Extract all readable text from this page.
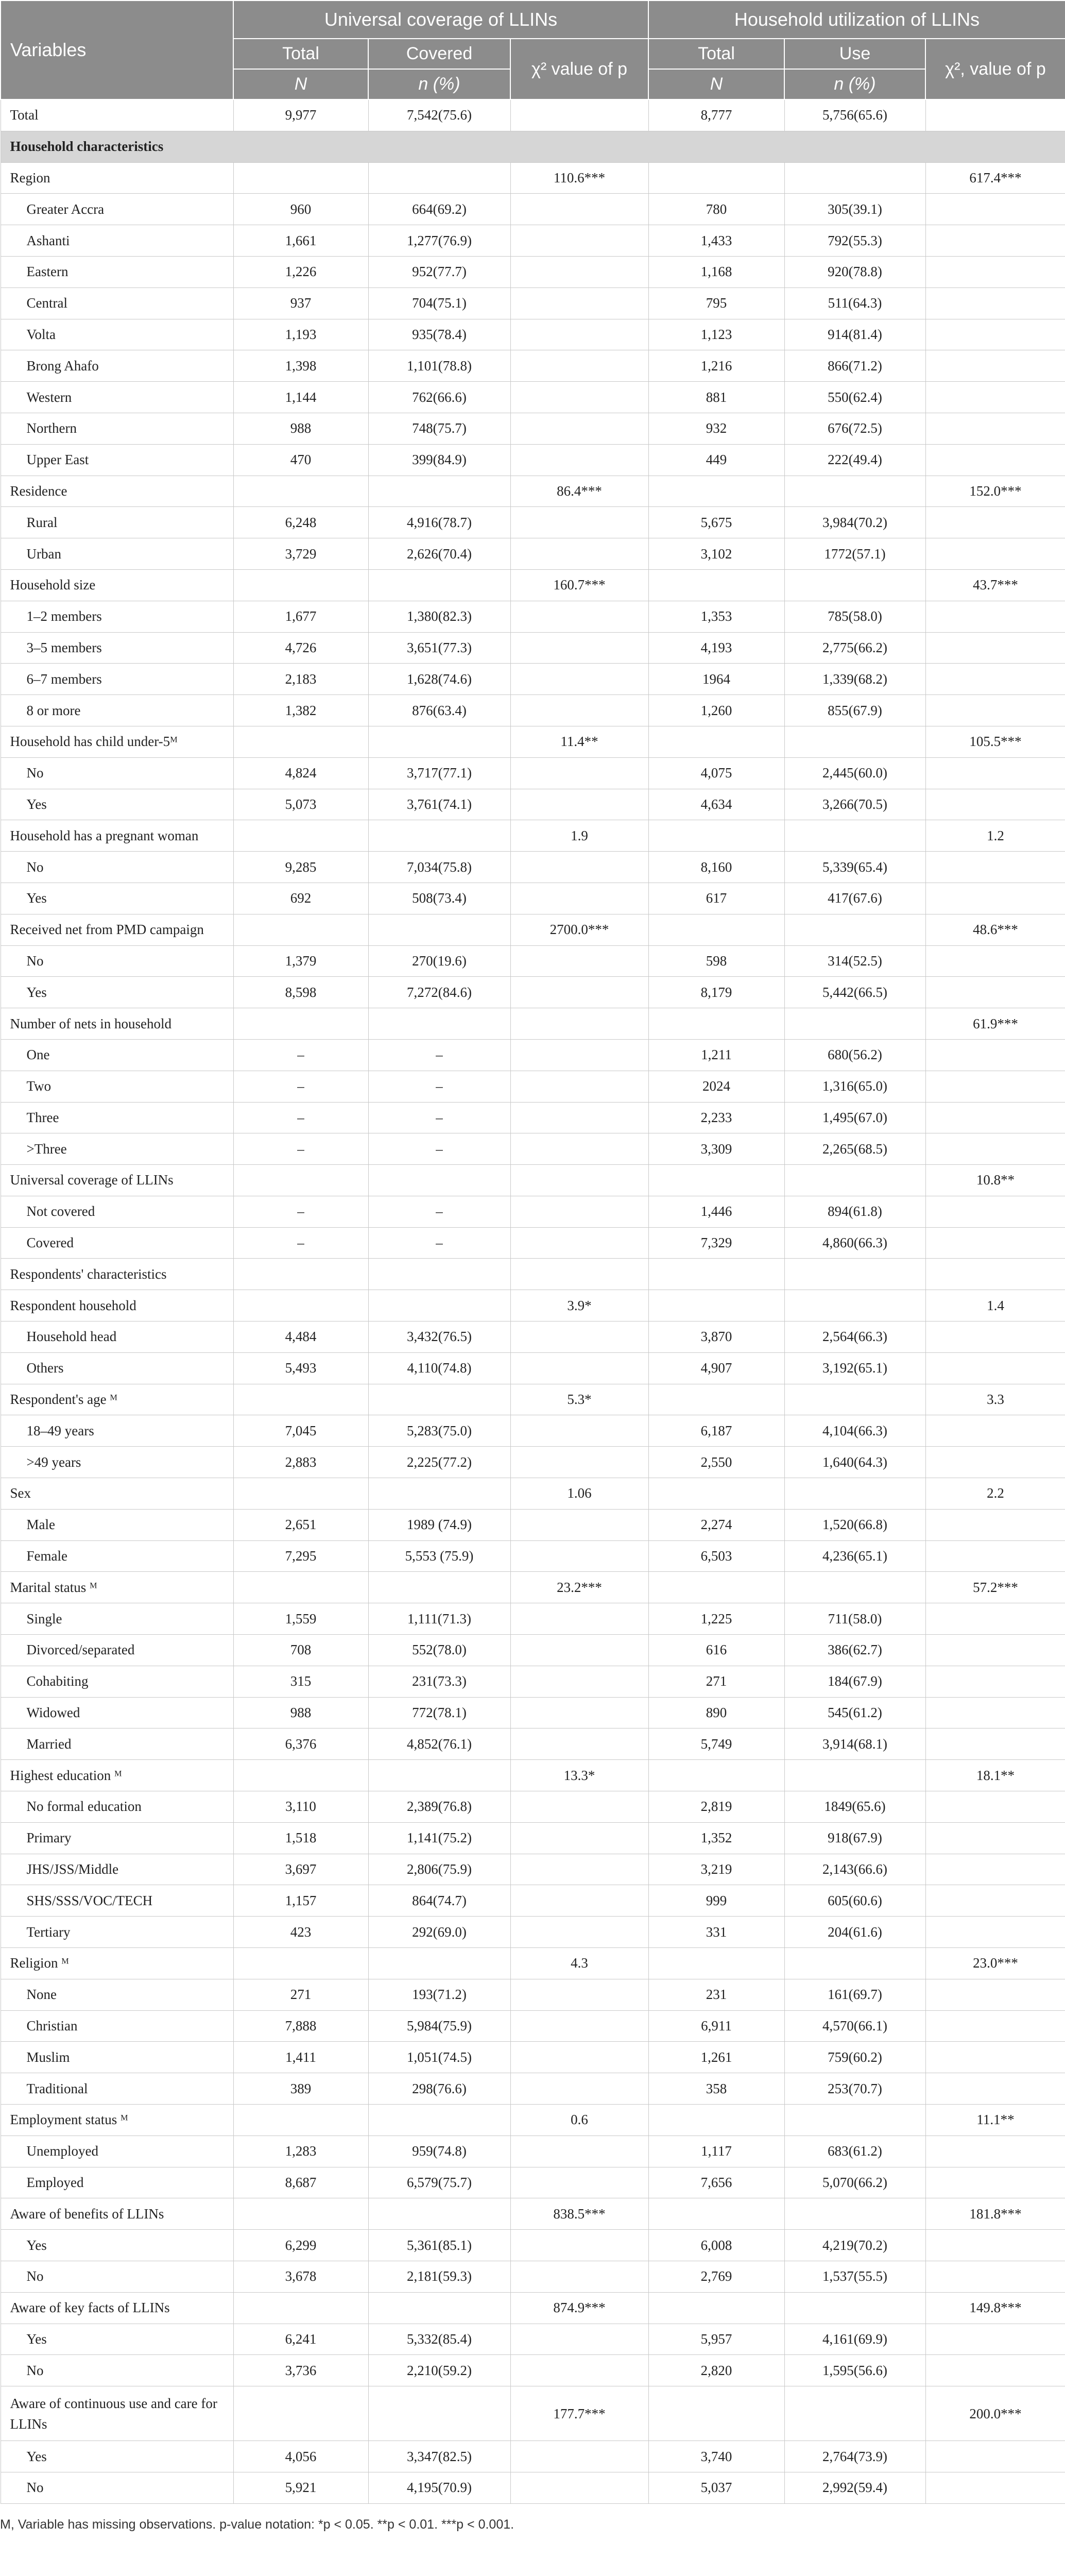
Variables	Universal coverage of LLINs			Household utilization of LLINs		
	Total	Covered	χ² value of p	Total	Use	χ², value of p
	N	n (%)		N	n (%)	
Total	9,977	7,542(75.6)		8,777	5,756(65.6)	
Household characteristics						
Region			110.6***			617.4***
Greater Accra	960	664(69.2)		780	305(39.1)	
Ashanti	1,661	1,277(76.9)		1,433	792(55.3)	
Eastern	1,226	952(77.7)		1,168	920(78.8)	
Central	937	704(75.1)		795	511(64.3)	
Volta	1,193	935(78.4)		1,123	914(81.4)	
Brong Ahafo	1,398	1,101(78.8)		1,216	866(71.2)	
Western	1,144	762(66.6)		881	550(62.4)	
Northern	988	748(75.7)		932	676(72.5)	
Upper East	470	399(84.9)		449	222(49.4)	
Residence			86.4***			152.0***
Rural	6,248	4,916(78.7)		5,675	3,984(70.2)	
Urban	3,729	2,626(70.4)		3,102	1772(57.1)	
Household size			160.7***			43.7***
1–2 members	1,677	1,380(82.3)		1,353	785(58.0)	
3–5 members	4,726	3,651(77.3)		4,193	2,775(66.2)	
6–7 members	2,183	1,628(74.6)		1964	1,339(68.2)	
8 or more	1,382	876(63.4)		1,260	855(67.9)	
Household has child under-5ᴹ			11.4**			105.5***
No	4,824	3,717(77.1)		4,075	2,445(60.0)	
Yes	5,073	3,761(74.1)		4,634	3,266(70.5)	
Household has a pregnant woman			1.9			1.2
No	9,285	7,034(75.8)		8,160	5,339(65.4)	
Yes	692	508(73.4)		617	417(67.6)	
Received net from PMD campaign			2700.0***			48.6***
No	1,379	270(19.6)		598	314(52.5)	
Yes	8,598	7,272(84.6)		8,179	5,442(66.5)	
Number of nets in household						61.9***
One	–	–		1,211	680(56.2)	
Two	–	–		2024	1,316(65.0)	
Three	–	–		2,233	1,495(67.0)	
>Three	–	–		3,309	2,265(68.5)	
Universal coverage of LLINs						10.8**
Not covered	–	–		1,446	894(61.8)	
Covered	–	–		7,329	4,860(66.3)	
Respondents' characteristics						
Respondent household			3.9*			1.4
Household head	4,484	3,432(76.5)		3,870	2,564(66.3)	
Others	5,493	4,110(74.8)		4,907	3,192(65.1)	
Respondent's age ᴹ			5.3*			3.3
18–49 years	7,045	5,283(75.0)		6,187	4,104(66.3)	
>49 years	2,883	2,225(77.2)		2,550	1,640(64.3)	
Sex			1.06			2.2
Male	2,651	1989 (74.9)		2,274	1,520(66.8)	
Female	7,295	5,553 (75.9)		6,503	4,236(65.1)	
Marital status ᴹ			23.2***			57.2***
Single	1,559	1,111(71.3)		1,225	711(58.0)	
Divorced/separated	708	552(78.0)		616	386(62.7)	
Cohabiting	315	231(73.3)		271	184(67.9)	
Widowed	988	772(78.1)		890	545(61.2)	
Married	6,376	4,852(76.1)		5,749	3,914(68.1)	
Highest education ᴹ			13.3*			18.1**
No formal education	3,110	2,389(76.8)		2,819	1849(65.6)	
Primary	1,518	1,141(75.2)		1,352	918(67.9)	
JHS/JSS/Middle	3,697	2,806(75.9)		3,219	2,143(66.6)	
SHS/SSS/VOC/TECH	1,157	864(74.7)		999	605(60.6)	
Tertiary	423	292(69.0)		331	204(61.6)	
Religion ᴹ			4.3			23.0***
None	271	193(71.2)		231	161(69.7)	
Christian	7,888	5,984(75.9)		6,911	4,570(66.1)	
Muslim	1,411	1,051(74.5)		1,261	759(60.2)	
Traditional	389	298(76.6)		358	253(70.7)	
Employment status ᴹ			0.6			11.1**
Unemployed	1,283	959(74.8)		1,117	683(61.2)	
Employed	8,687	6,579(75.7)		7,656	5,070(66.2)	
Aware of benefits of LLINs			838.5***			181.8***
Yes	6,299	5,361(85.1)		6,008	4,219(70.2)	
No	3,678	2,181(59.3)		2,769	1,537(55.5)	
Aware of key facts of LLINs			874.9***			149.8***
Yes	6,241	5,332(85.4)		5,957	4,161(69.9)	
No	3,736	2,210(59.2)		2,820	1,595(56.6)	
Aware of continuous use and care for LLINs			177.7***			200.0***
Yes	4,056	3,347(82.5)		3,740	2,764(73.9)	
No	5,921	4,195(70.9)		5,037	2,992(59.4)	
M, Variable has missing observations. p-value notation: *p < 0.05. **p < 0.01. ***p < 0.001.
